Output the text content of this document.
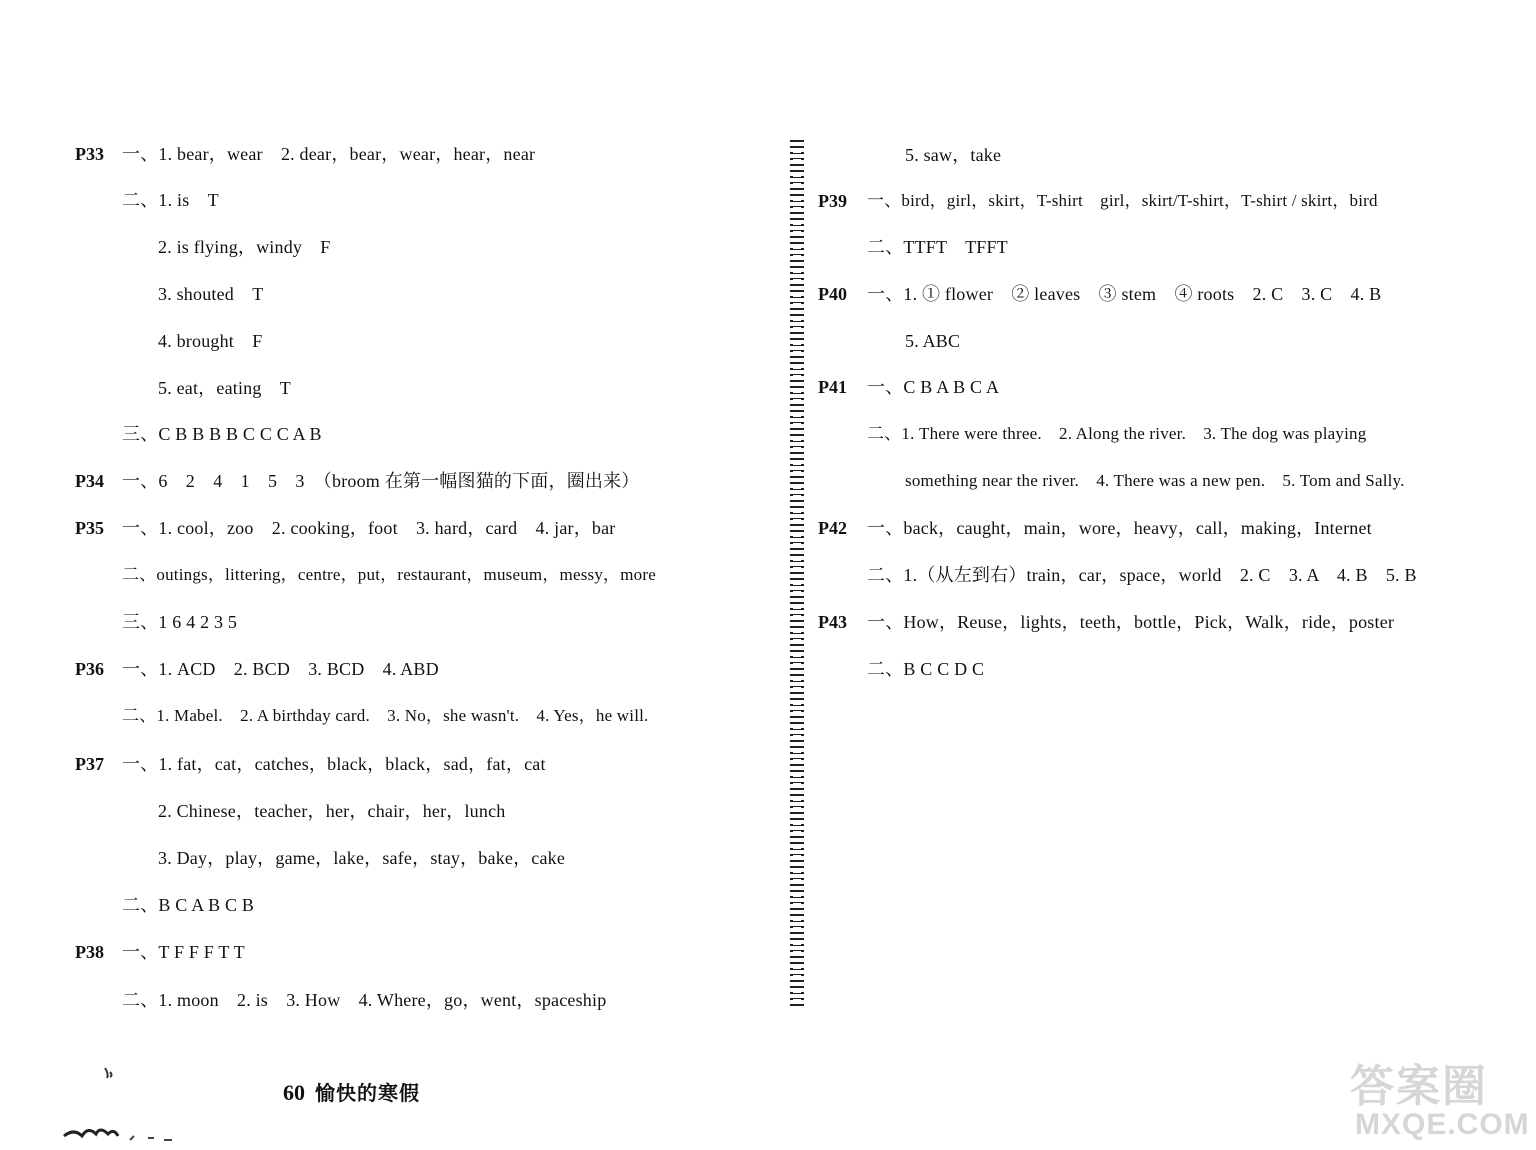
P33 一、1. bear，wear　2. dear，bear，wear，hear，near
二、1. is　T
2. is flying，windy　F
3. shouted　T
4. brought　F
5. eat，eating　T
三、C B B B B C C C A B
P34 一、6　2　4　1　5　3　（broom 在第一幅图猫的下面，圈出来）
P35 一、1. cool，zoo　2. cooking，foot　3. hard，card　4. jar，bar
二、outings，littering，centre，put，restaurant，museum，messy，more
三、1 6 4 2 3 5
P36 一、1. ACD　2. BCD　3. BCD　4. ABD
二、1. Mabel.　2. A birthday card.　3. No，she wasn't.　4. Yes，he will.
P37 一、1. fat，cat，catches，black，black，sad，fat，cat
2. Chinese，teacher，her，chair，her，lunch
3. Day，play，game，lake，safe，stay，bake，cake
二、B C A B C B
P38 一、T F F F T T
二、1. moon　2. is　3. How　4. Where，go，went，spaceship
5. saw，take
P39 一、bird，girl，skirt，T-shirt　girl，skirt/T-shirt，T-shirt / skirt，bird
二、TTFT　TFFT
P40 一、1. ① flower　② leaves　③ stem　④ roots　2. C　3. C　4. B
5. ABC
P41 一、C B A B C A
二、1. There were three.　2. Along the river.　3. The dog was playing
something near the river.　4. There was a new pen.　5. Tom and Sally.
P42 一、back，caught，main，wore，heavy，call，making，Internet
二、1.（从左到右）train，car，space，world　2. C　3. A　4. B　5. B
P43 一、How，Reuse，lights，teeth，bottle，Pick，Walk，ride，poster
二、B C C D C
60 愉快的寒假	答案圈
MXQE.COM
